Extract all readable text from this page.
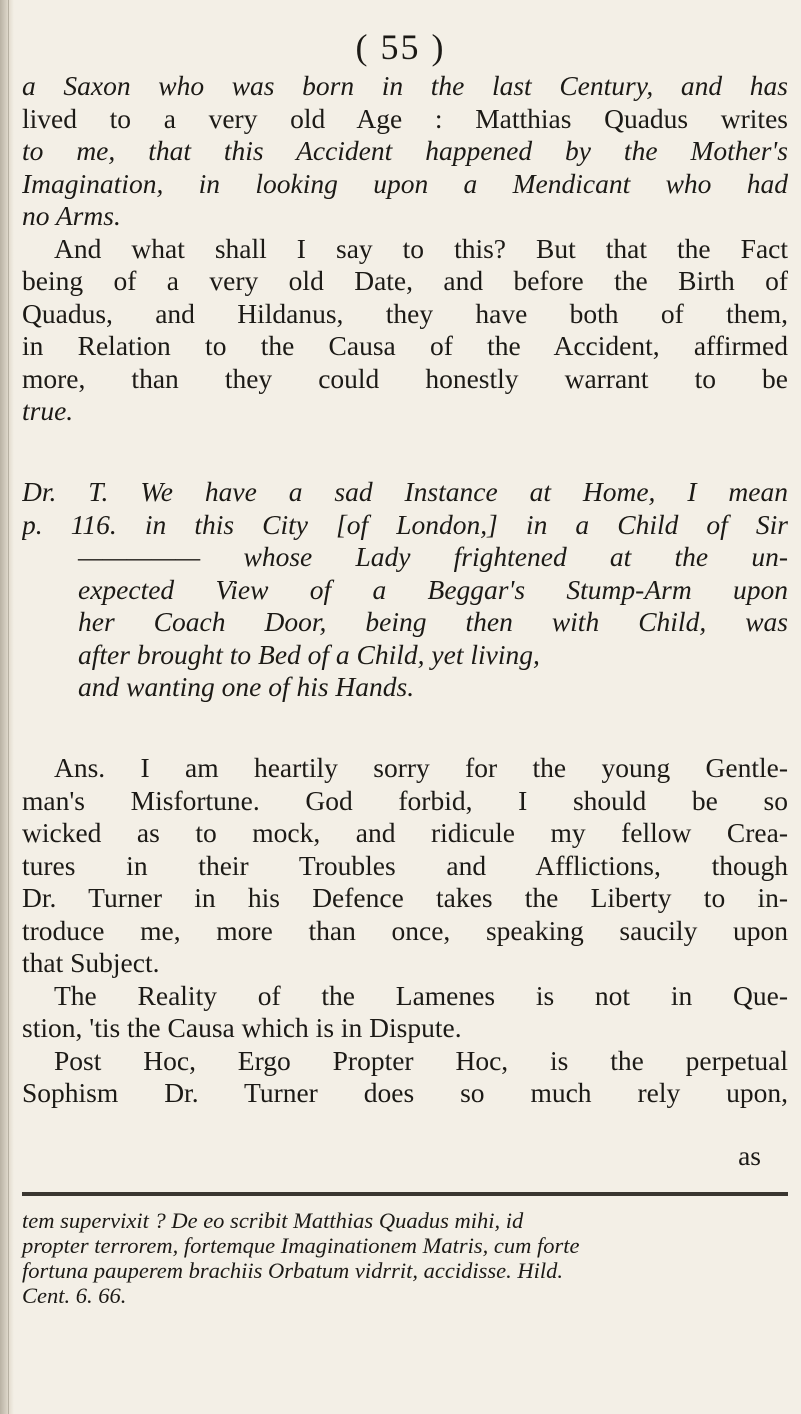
( 55 )
a Saxon who was born in the last Century, and has
lived to a very old Age : Matthias Quadus writes
to me, that this Accident happened by the Mother's
Imagination, in looking upon a Mendicant who had
no Arms.
And what shall I say to this? But that the Fact
being of a very old Date, and before the Birth of
Quadus, and Hildanus, they have both of them,
in Relation to the Causa of the Accident, affirmed
more, than they could honestly warrant to be
true.
Dr. T. We have a sad Instance at Home, I mean
p. 116. in this City [of London,] in a Child of Sir
————— whose Lady frightened at the un-
expected View of a Beggar's Stump-Arm upon
her Coach Door, being then with Child, was
after brought to Bed of a Child, yet living,
and wanting one of his Hands.
Ans. I am heartily sorry for the young Gentle-
man's Misfortune. God forbid, I should be so
wicked as to mock, and ridicule my fellow Crea-
tures in their Troubles and Afflictions, though
Dr. Turner in his Defence takes the Liberty to in-
troduce me, more than once, speaking saucily upon
that Subject.
The Reality of the Lamenes is not in Que-
stion, 'tis the Causa which is in Dispute.
Post Hoc, Ergo Propter Hoc, is the perpetual
Sophism Dr. Turner does so much rely upon,
as
tem supervixit ? De eo scribit Matthias Quadus mihi, id
propter terrorem, fortemque Imaginationem Matris, cum forte
fortuna pauperem brachiis Orbatum vidrrit, accidisse. Hild.
Cent. 6. 66.
